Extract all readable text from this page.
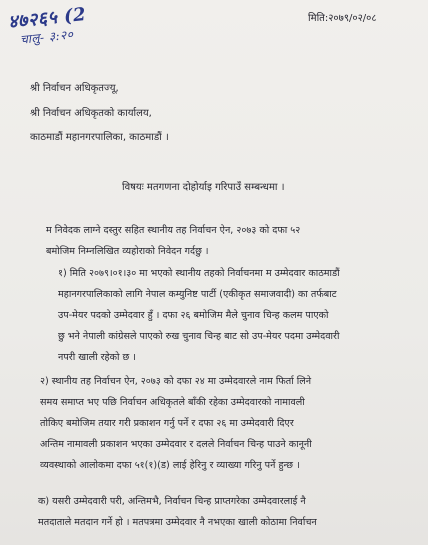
४७२६५ (2
चालु- ३:२०
मिति:२०७९/०२/०८
श्री निर्वाचन अधिकृतज्यू,
श्री निर्वाचन अधिकृतको कार्यालय,
काठमाडौं महानगरपालिका, काठमाडौं ।
विषयः मतगणना दोहोर्याइ गरिपाउँ सम्बन्धमा ।

म निवेदक लाग्ने दस्तुर सहित स्थानीय तह निर्वाचन ऐन, २०७३ को दफा ५२

बमोजिम निम्नलिखित व्यहोराको निवेदन गर्दछु ।

१) मिति २०७९।०१।३० मा भएको स्थानीय तहको निर्वाचनमा म उम्मेदवार काठमाडौं

महानगरपालिकाको लागि नेपाल कम्युनिष्ट पार्टी (एकीकृत समाजवादी) का तर्फबाट

उप-मेयर पदको उम्मेदवार हुँ । दफा २६ बमोजिम मैले चुनाव चिन्ह कलम पाएको

छु भने नेपाली कांग्रेसले पाएको रुख चुनाव चिन्ह बाट सो उप-मेयर पदमा उम्मेदवारी

नपरी खाली रहेको छ ।

२) स्थानीय तह निर्वाचन ऐन, २०७३ को दफा २४ मा उम्मेदवारले नाम फिर्ता लिने

समय समाप्त भए पछि निर्वाचन अधिकृतले बाँकी रहेका उम्मेदवारको नामावली

तोकिए बमोजिम तयार गरी प्रकाशन गर्नु पर्ने र दफा २६ मा उम्मेदवारी दिएर

अन्तिम नामावली प्रकाशन भएका उम्मेदवार र दलले निर्वाचन चिन्ह पाउने कानूनी

व्यवस्थाको आलोकमा दफा ५१(१)(ड) लाई हेरिनु र व्याख्या गरिनु पर्ने हुन्छ ।

क) यसरी उम्मेदवारी परी, अन्तिमभै, निर्वाचन चिन्ह प्राप्तगरेका उम्मेदवारलाई नै

मतदाताले मतदान गर्ने हो । मतपत्रमा उम्मेदवार नै नभएका खाली कोठामा निर्वाचन
